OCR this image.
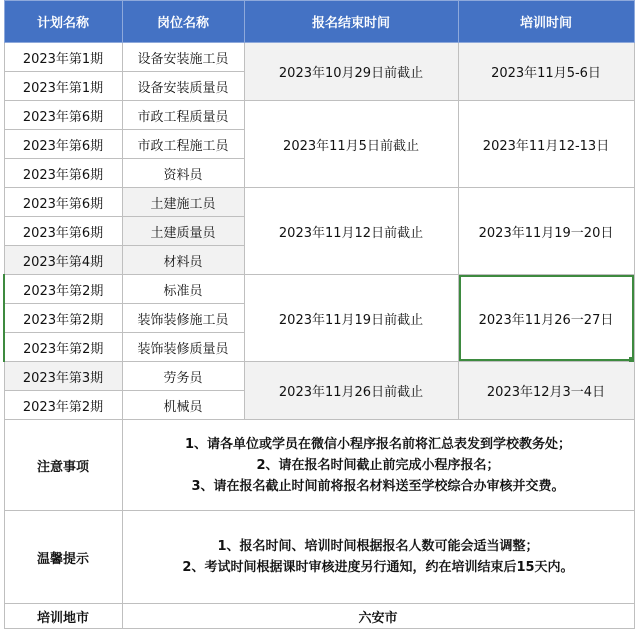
计划名称	岗位名称	报名结束时间	培训时间
2023年第1期	设备安装施工员	2023年10月29日前截止	2023年11月5-6日
2023年第1期	设备安装质量员		
2023年第6期	市政工程质量员	2023年11月5日前截止	2023年11月12-13日
2023年第6期	市政工程施工员		
2023年第6期	资料员		
2023年第6期	土建施工员	2023年11月12日前截止	2023年11月19一20日
2023年第6期	土建质量员		
2023年第4期	材料员		
2023年第2期	标准员	2023年11月19日前截止	2023年11月26一27日
2023年第2期	装饰装修施工员		
2023年第2期	装饰装修质量员		
2023年第3期	劳务员	2023年11月26日前截止	2023年12月3一4日
2023年第2期	机械员		
注意事项	1、请各单位或学员在微信小程序报名前将汇总表发到学校教务处；
2、请在报名时间截止前完成小程序报名；
3、请在报名截止时间前将报名材料送至学校综合办审核并交费。		

温馨提示	1、报名时间、培训时间根据报名人数可能会适当调整；
2、考试时间根据课时审核进度另行通知，约在培训结束后15天内。		

培训地市	六安市		
